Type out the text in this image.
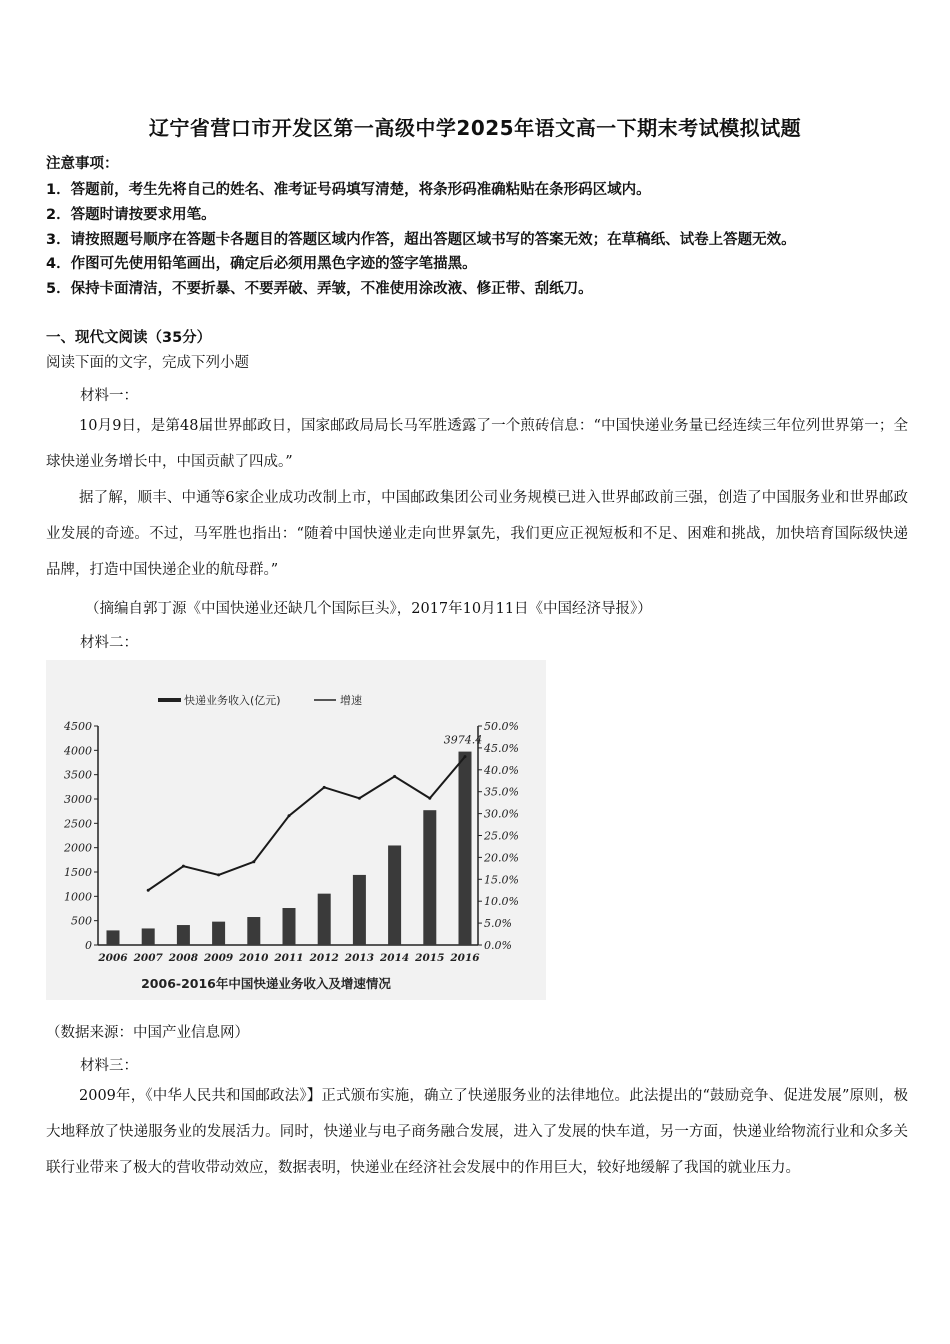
辽宁省营口市开发区第一高级中学2025年语文高一下期末考试模拟试题
注意事项：
1．答题前，考生先将自己的姓名、准考证号码填写清楚，将条形码准确粘贴在条形码区域内。
2．答题时请按要求用笔。
3．请按照题号顺序在答题卡各题目的答题区域内作答，超出答题区域书写的答案无效；在草稿纸、试卷上答题无效。
4．作图可先使用铅笔画出，确定后必须用黑色字迹的签字笔描黑。
5．保持卡面清洁，不要折暴、不要弄破、弄皱，不准使用涂改液、修正带、刮纸刀。
一、现代文阅读（35分）
阅读下面的文字，完成下列小题
材料一：
10月9日，是第48届世界邮政日，国家邮政局局长马军胜透露了一个煎砖信息：“中国快递业务量已经连续三年位列世界第一；全球快递业务增长中，中国贡献了四成。”
据了解，顺丰、中通等6家企业成功改制上市，中国邮政集团公司业务规模已进入世界邮政前三强，创造了中国服务业和世界邮政业发展的奇迹。不过，马军胜也指出：“随着中国快递业走向世界氯先，我们更应正视短板和不足、困难和挑战，加快培育国际级快递品牌，打造中国快递企业的航母群。”
（摘编自郭丁源《中国快递业还缺几个国际巨头》，2017年10月11日《中国经济导报》）
材料二：
0
500
1000
1500
2000
2500
3000
3500
4000
4500
0.0%
5.0%
10.0%
15.0%
20.0%
25.0%
30.0%
35.0%
40.0%
45.0%
50.0%
2006 2007 2008 2009 2010 2011 2012 2013 2014 2015 2016
3974.4
快递业务收入(亿元)	增速
2006-2016年中国快递业务收入及增速情况
（数据来源：中国产业信息网）
材料三：
2009年，《中华人民共和国邮政法》】正式颁布实施，确立了快递服务业的法律地位。此法提出的“鼓励竞争、促进发展”原则，极大地释放了快递服务业的发展活力。同时，快递业与电子商务融合发展，进入了发展的快车道，另一方面，快递业给物流行业和众多关联行业带来了极大的营收带动效应，数据表明，快递业在经济社会发展中的作用巨大，较好地缓解了我国的就业压力。
